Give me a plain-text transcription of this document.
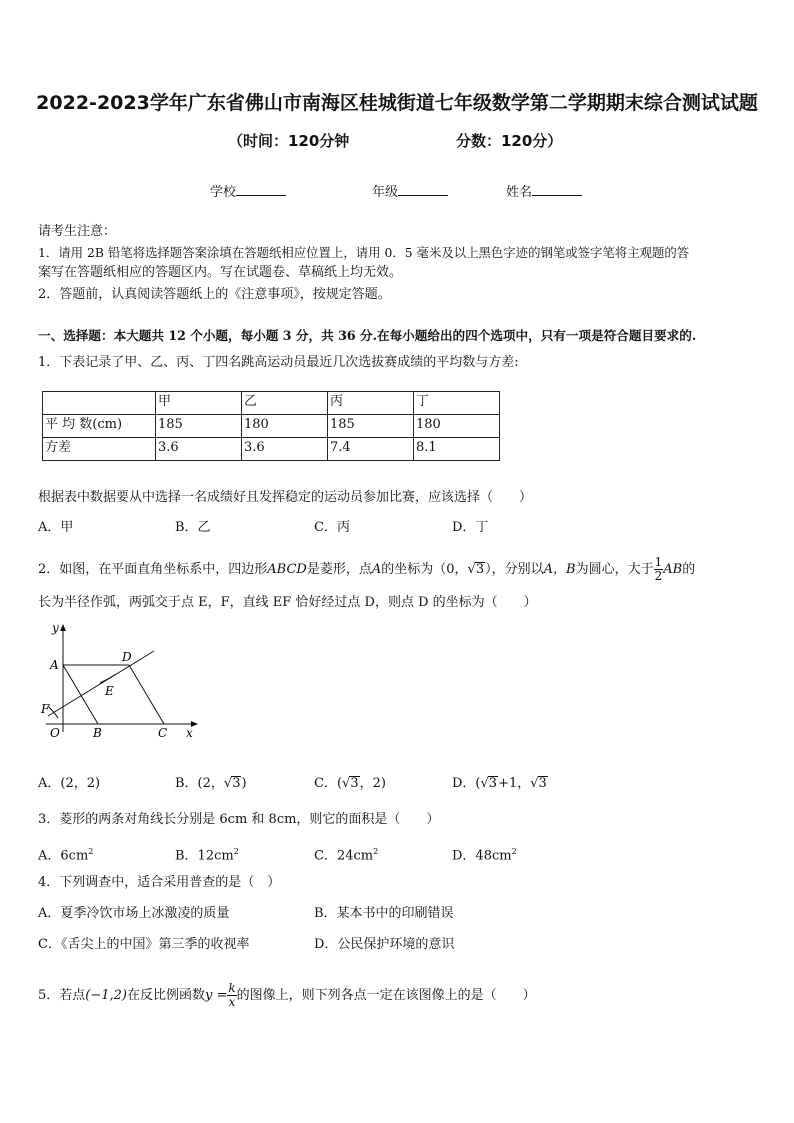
2022-2023学年广东省佛山市南海区桂城街道七年级数学第二学期期末综合测试试题
（时间：120分钟	分数：120分）
学校	年级	姓名
请考生注意：
1．请用 2B 铅笔将选择题答案涂填在答题纸相应位置上，请用 0．5 毫米及以上黑色字迹的钢笔或签字笔将主观题的答
案写在答题纸相应的答题区内。写在试题卷、草稿纸上均无效。
2．答题前，认真阅读答题纸上的《注意事项》，按规定答题。
一、选择题：本大题共 12 个小题，每小题 3 分，共 36 分.在每小题给出的四个选项中，只有一项是符合题目要求的.
1．下表记录了甲、乙、丙、丁四名跳高运动员最近几次选拔赛成绩的平均数与方差:
	甲	乙	丙	丁
平 均 数(cm)	185	180	185	180
方差	3.6	3.6	7.4	8.1
根据表中数据要从中选择一名成绩好且发挥稳定的运动员参加比赛，应该选择（　　）
A．甲	B．乙	C．丙	D．丁
2．如图，在平面直角坐标系中，四边形ABCD是菱形，点A的坐标为（0，√3），分别以A，B为圆心，大于 $\frac{1}{2}$ AB的
长为半径作弧，两弧交于点 E，F，直线 EF 恰好经过点 D，则点 D 的坐标为（　　）
y
x
A
D
E
F
O	B	C
A．(2，2)	B．(2，√3)	C．(√3，2)	D．(√3+1，√3
3．菱形的两条对角线长分别是 6cm 和 8cm，则它的面积是（　　）
A．$6cm^2$	B．$12cm^2$	C．$24cm^2$	D．$48cm^2$
4．下列调查中，适合采用普查的是（　）
A．夏季冷饮市场上冰激凌的质量	B．某本书中的印刷错误
C．《舌尖上的中国》第三季的收视率	D．公民保护环境的意识
5．若点(−1,2)在反比例函数$y = \frac{k}{x}$ 的图像上，则下列各点一定在该图像上的是（　　）
